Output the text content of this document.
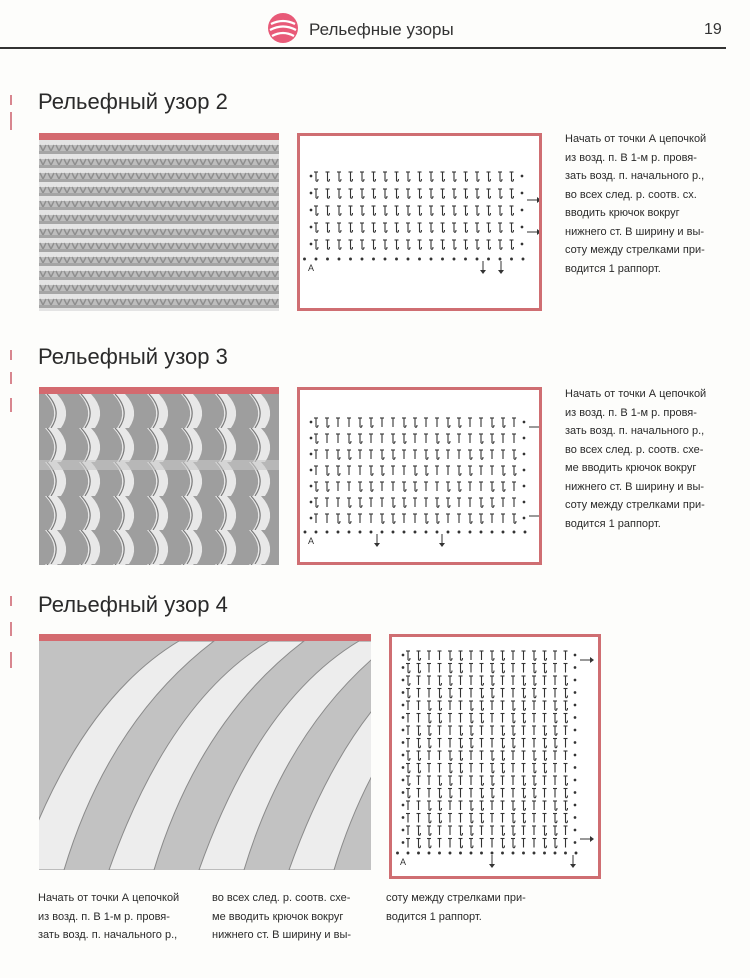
Рельефные узоры	19
Рельефный узор 2
A
Начать от точки А цепочкой
из возд. п. В 1-м р. провя-
зать возд. п. начального р.,
во всех след. р. соотв. сх.
вводить крючок вокруг
нижнего ст. В ширину и вы-
соту между стрелками при-
водится 1 раппорт.
Рельефный узор 3
A
Начать от точки А цепочкой
из возд. п. В 1-м р. провя-
зать возд. п. начального р.,
во всех след. р. соотв. схе-
ме вводить крючок вокруг
нижнего ст. В ширину и вы-
соту между стрелками при-
водится 1 раппорт.
Рельефный узор 4
A
Начать от точки А цепочкой
из возд. п. В 1-м р. провя-
зать возд. п. начального р.,
во всех след. р. соотв. схе-
ме вводить крючок вокруг
нижнего ст. В ширину и вы-
соту между стрелками при-
водится 1 раппорт.
